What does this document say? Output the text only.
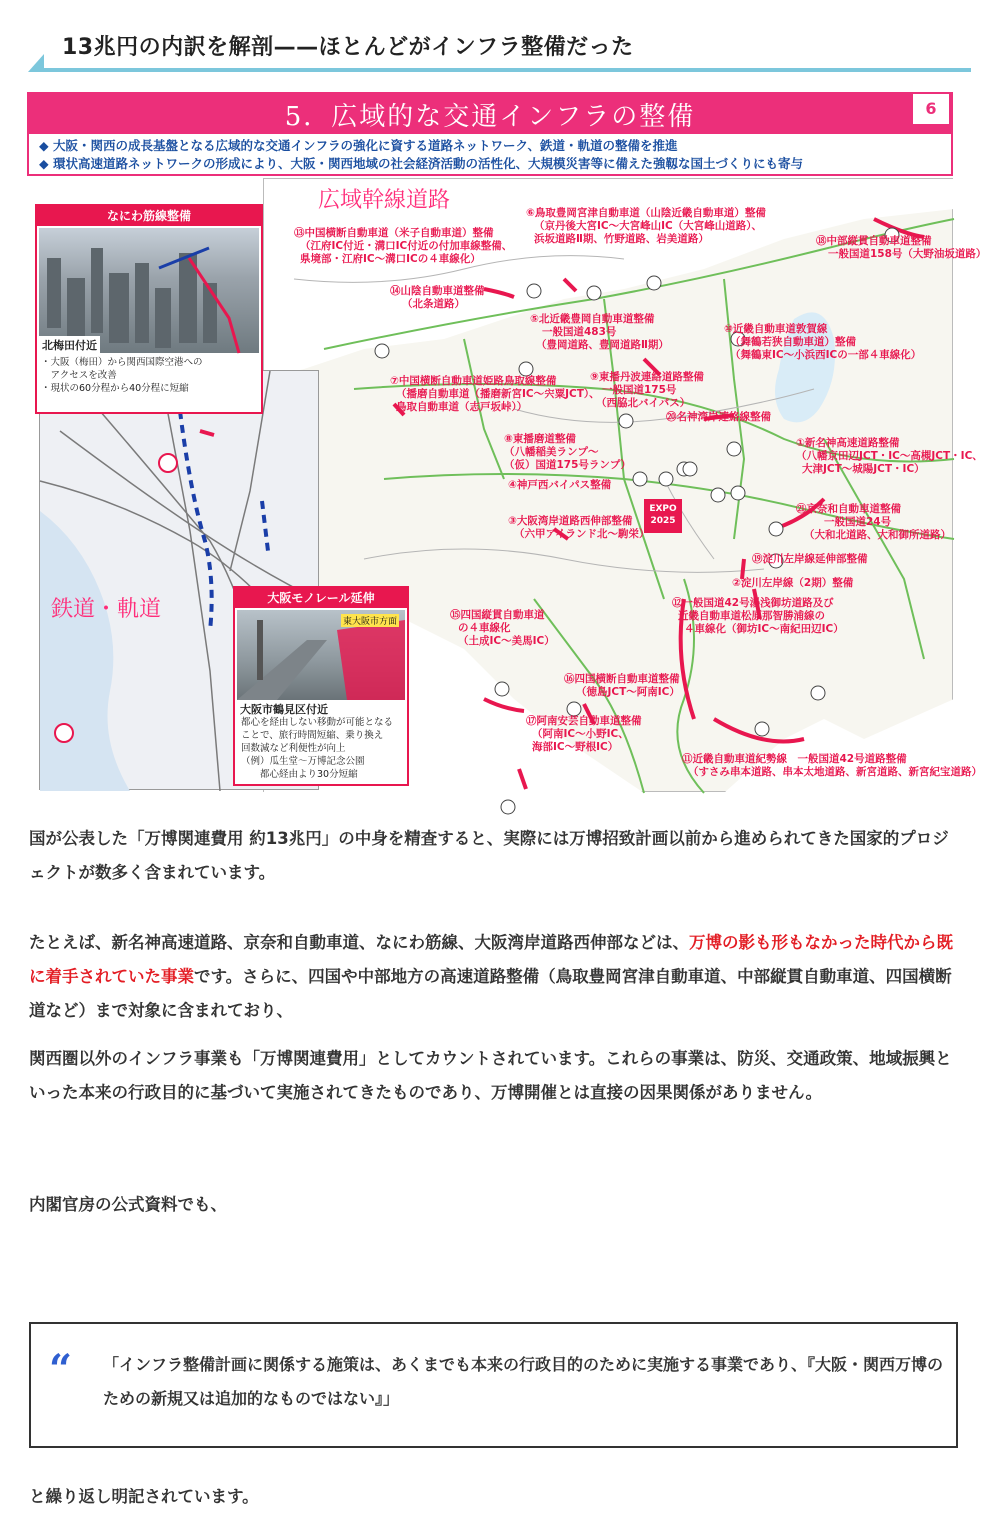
13兆円の内訳を解剖——ほとんどがインフラ整備だった
5．広域的な交通インフラの整備	6
◆ 大阪・関西の成長基盤となる広域的な交通インフラの強化に資する道路ネットワーク、鉄道・軌道の整備を推進
◆ 環状高速道路ネットワークの形成により、大阪・関西地域の社会経済活動の活性化、大規模災害等に備えた強靱な国土づくりにも寄与
広域幹線道路
EXPO 2025
⑥鳥取豊岡宮津自動車道（山陰近畿自動車道）整備
（京丹後大宮IC～大宮峰山IC（大宮峰山道路）、
浜坂道路Ⅱ期、竹野道路、岩美道路）
⑬中国横断自動車道（米子自動車道）整備
（江府IC付近・溝口IC付近の付加車線整備、
県境部・江府IC～溝口ICの４車線化）
⑭山陰自動車道整備
（北条道路）
⑤北近畿豊岡自動車道整備
一般国道483号
（豊岡道路、豊岡道路Ⅱ期）
⑦中国横断自動車道姫路鳥取線整備
（播磨自動車道（播磨新宮IC～宍粟JCT）、
鳥取自動車道（志戸坂峠））
⑨東播丹波連絡道路整備
一般国道175号
（西脇北バイパス）
⑱中部縦貫自動車道整備
一般国道158号（大野油坂道路）
⑩近畿自動車道敦賀線
（舞鶴若狭自動車道）整備
（舞鶴東IC～小浜西ICの一部４車線化）
⑳名神湾岸連絡線整備
①新名神高速道路整備
（八幡京田辺JCT・IC～高槻JCT・IC、
大津JCT～城陽JCT・IC）
⑧東播磨道整備
（八幡稲美ランプ～
（仮）国道175号ランプ）
④神戸西バイパス整備
③大阪湾岸道路西伸部整備
（六甲アイランド北～駒栄）
㉑京奈和自動車道整備
一般国道24号
（大和北道路、大和御所道路）
⑲淀川左岸線延伸部整備
②淀川左岸線（2期）整備
⑫一般国道42号湯浅御坊道路及び
近畿自動車道松原那智勝浦線の
４車線化（御坊IC～南紀田辺IC）
⑮四国縦貫自動車道
の４車線化
（土成IC～美馬IC）
⑯四国横断自動車道整備
（徳島JCT～阿南IC）
⑰阿南安芸自動車道整備
（阿南IC～小野IC、
海部IC～野根IC）
⑪近畿自動車道紀勢線　一般国道42号道路整備
（すさみ串本道路、串本太地道路、新宮道路、新宮紀宝道路）
鉄道・軌道
なにわ筋線整備
北梅田付近
・大阪（梅田）から関西国際空港への
　アクセスを改善
・現状の60分程から40分程に短縮
大阪モノレール延伸
東大阪市方面
大阪市鶴見区付近
都心を経由しない移動が可能となる
ことで、旅行時間短縮、乗り換え
回数減など利便性が向上
（例）瓜生堂～万博記念公園
　　都心経由より30分短縮

国が公表した「万博関連費用 約13兆円」の中身を精査すると、実際には万博招致計画以前から進められてきた国家的プロジェクトが数多く含まれています。

たとえば、新名神高速道路、京奈和自動車道、なにわ筋線、大阪湾岸道路西伸部などは、万博の影も形もなかった時代から既に着手されていた事業です。さらに、四国や中部地方の高速道路整備（鳥取豊岡宮津自動車道、中部縦貫自動車道、四国横断道など）まで対象に含まれており、

関西圏以外のインフラ事業も「万博関連費用」としてカウントされています。これらの事業は、防災、交通政策、地域振興といった本来の行政目的に基づいて実施されてきたものであり、万博開催とは直接の因果関係がありません。

内閣官房の公式資料でも、

“ 「インフラ整備計画に関係する施策は、あくまでも本来の行政目的のために実施する事業であり、『大阪・関西万博のための新規又は追加的なものではない』」

と繰り返し明記されています。
